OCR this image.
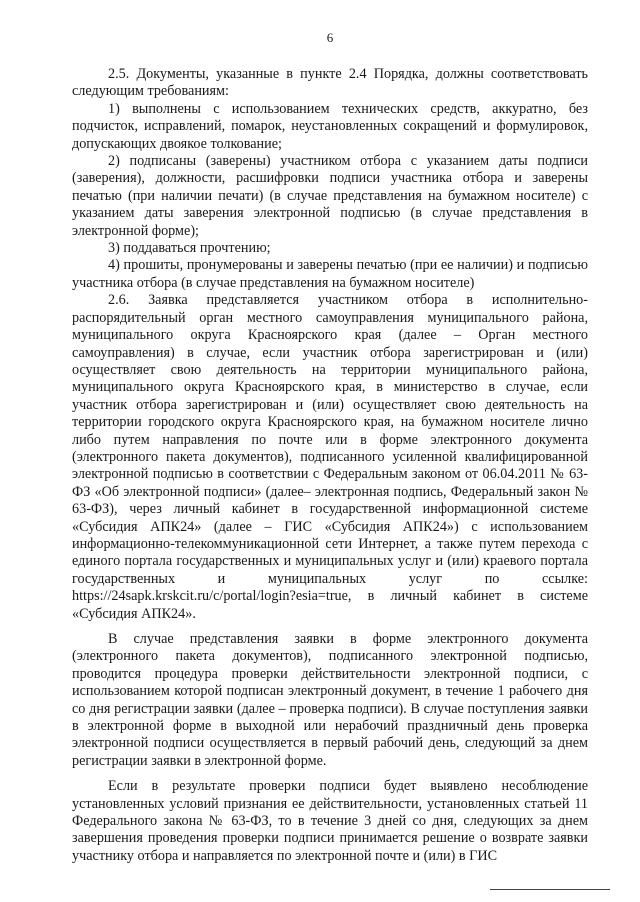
6

2.5. Документы, указанные в пункте 2.4 Порядка, должны соответствовать следующим требованиям:

1) выполнены с использованием технических средств, аккуратно, без подчисток, исправлений, помарок, неустановленных сокращений и формулировок, допускающих двоякое толкование;

2) подписаны (заверены) участником отбора с указанием даты подписи (заверения), должности, расшифровки подписи участника отбора и заверены печатью (при наличии печати) (в случае представления на бумажном носителе) с указанием даты заверения электронной подписью (в случае представления в электронной форме);

3) поддаваться прочтению;

4) прошиты, пронумерованы и заверены печатью (при ее наличии) и подписью участника отбора (в случае представления на бумажном носителе)

2.6. Заявка представляется участником отбора в исполнительно-распорядительный орган местного самоуправления муниципального района, муниципального округа Красноярского края (далее – Орган местного самоуправления) в случае, если участник отбора зарегистрирован и (или) осуществляет свою деятельность на территории муниципального района, муниципального округа Красноярского края, в министерство в случае, если участник отбора зарегистрирован и (или) осуществляет свою деятельность на территории городского округа Красноярского края, на бумажном носителе лично либо путем направления по почте или в форме электронного документа (электронного пакета документов), подписанного усиленной квалифицированной электронной подписью в соответствии с Федеральным законом от 06.04.2011 № 63-ФЗ «Об электронной подписи» (далее– электронная подпись, Федеральный закон № 63-ФЗ), через личный кабинет в государственной информационной системе «Субсидия АПК24» (далее – ГИС «Субсидия АПК24») с использованием информационно-телекоммуникационной сети Интернет, а также путем перехода с единого портала государственных и муниципальных услуг и (или) краевого портала государственных и муниципальных услуг по ссылке: https://24sapk.krskcit.ru/c/portal/login?esia=true, в личный кабинет в системе «Субсидия АПК24».

В случае представления заявки в форме электронного документа (электронного пакета документов), подписанного электронной подписью, проводится процедура проверки действительности электронной подписи, с использованием которой подписан электронный документ, в течение 1 рабочего дня со дня регистрации заявки (далее – проверка подписи). В случае поступления заявки в электронной форме в выходной или нерабочий праздничный день проверка электронной подписи осуществляется в первый рабочий день, следующий за днем регистрации заявки в электронной форме.

Если в результате проверки подписи будет выявлено несоблюдение установленных условий признания ее действительности, установленных статьей 11 Федерального закона № 63-ФЗ, то в течение 3 дней со дня, следующих за днем завершения проведения проверки подписи принимается решение о возврате заявки участнику отбора и направляется по электронной почте и (или) в ГИС
